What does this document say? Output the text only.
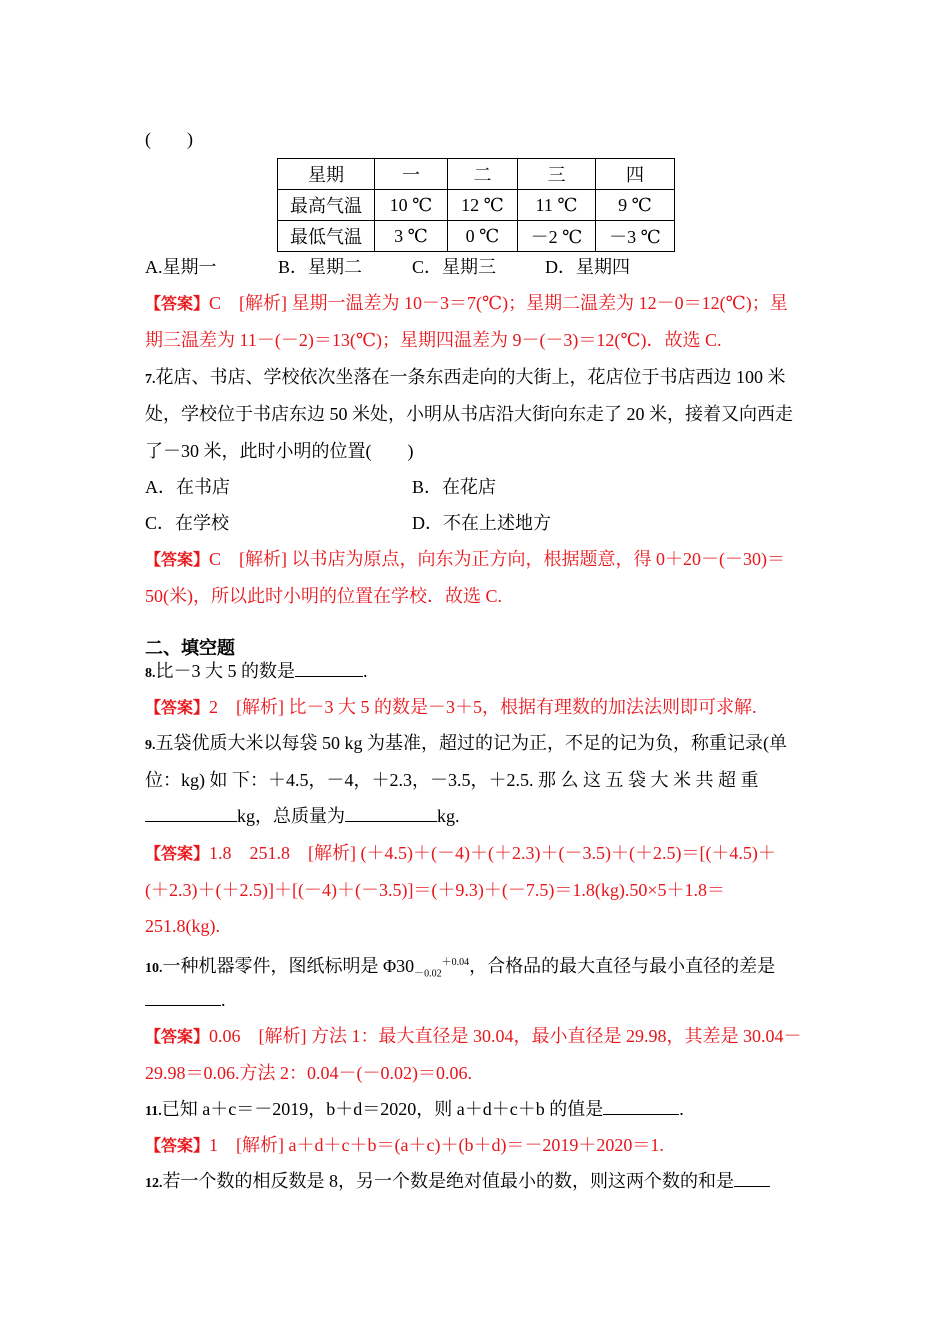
(　　)
星期	一	二	三	四
最高气温	10 ℃	12 ℃	11 ℃	9 ℃
最低气温	3 ℃	0 ℃	－2 ℃	－3 ℃
A.星期一	B．星期二	C．星期三	D．星期四
【答案】C　[解析] 星期一温差为 10－3＝7(℃)；星期二温差为 12－0＝12(℃)；星
期三温差为 11－(－2)＝13(℃)；星期四温差为 9－(－3)＝12(℃)．故选 C.
7.花店、书店、学校依次坐落在一条东西走向的大街上，花店位于书店西边 100 米
处，学校位于书店东边 50 米处，小明从书店沿大街向东走了 20 米，接着又向西走
了－30 米，此时小明的位置(　　)
A．在书店	B．在花店
C．在学校	D．不在上述地方
【答案】C　[解析] 以书店为原点，向东为正方向，根据题意，得 0＋20－(－30)＝
50(米)，所以此时小明的位置在学校．故选 C.
二、填空题
8.比－3 大 5 的数是	.
【答案】2　[解析] 比－3 大 5 的数是－3＋5，根据有理数的加法法则即可求解.
9.五袋优质大米以每袋 50 kg 为基准，超过的记为正，不足的记为负，称重记录(单
位：kg) 如 下：＋4.5，－4，＋2.3，－3.5，＋2.5. 那 么 这 五 袋 大 米 共 超 重
kg，总质量为	kg.
【答案】1.8　251.8　[解析] (＋4.5)＋(－4)＋(＋2.3)＋(－3.5)＋(＋2.5)＝[(＋4.5)＋
(＋2.3)＋(＋2.5)]＋[(－4)＋(－3.5)]＝(＋9.3)＋(－7.5)＝1.8(kg).50×5＋1.8＝
251.8(kg).
10.一种机器零件，图纸标明是 $\Phi 30_{-0.02}^{+0.04}$，合格品的最大直径与最小直径的差是
.
【答案】0.06　[解析] 方法 1：最大直径是 30.04，最小直径是 29.98，其差是 30.04－
29.98＝0.06.方法 2：0.04－(－0.02)＝0.06.
11.已知 a＋c＝－2019，b＋d＝2020，则 a＋d＋c＋b 的值是	.
【答案】1　[解析] a＋d＋c＋b＝(a＋c)＋(b＋d)＝－2019＋2020＝1.
12.若一个数的相反数是 8，另一个数是绝对值最小的数，则这两个数的和是
